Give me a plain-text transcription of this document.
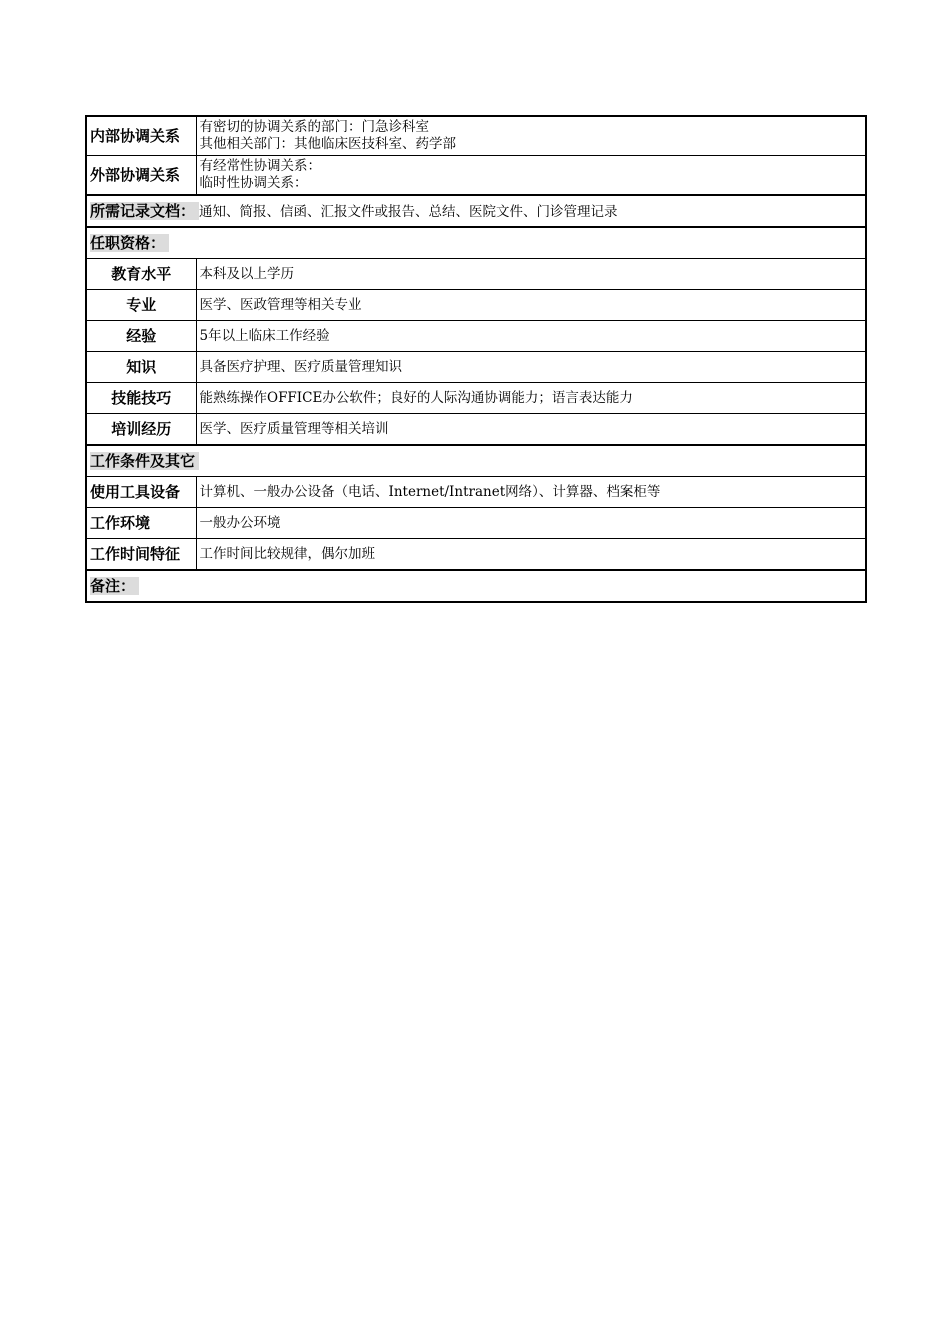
内部协调关系	有密切的协调关系的部门：门急诊科室
其他相关部门：其他临床医技科室、药学部

外部协调关系	有经常性协调关系：
临时性协调关系：

所需记录文档： 通知、简报、信函、汇报文件或报告、总结、医院文件、门诊管理记录	
任职资格：	
教育水平	本科及以上学历
专业	医学、医政管理等相关专业
经验	5年以上临床工作经验
知识	具备医疗护理、医疗质量管理知识
技能技巧	能熟练操作OFFICE办公软件；良好的人际沟通协调能力；语言表达能力
培训经历	医学、医疗质量管理等相关培训
工作条件及其它	
使用工具设备	计算机、一般办公设备（电话、Internet/Intranet网络）、计算器、档案柜等
工作环境	一般办公环境
工作时间特征	工作时间比较规律，偶尔加班
备注：	
